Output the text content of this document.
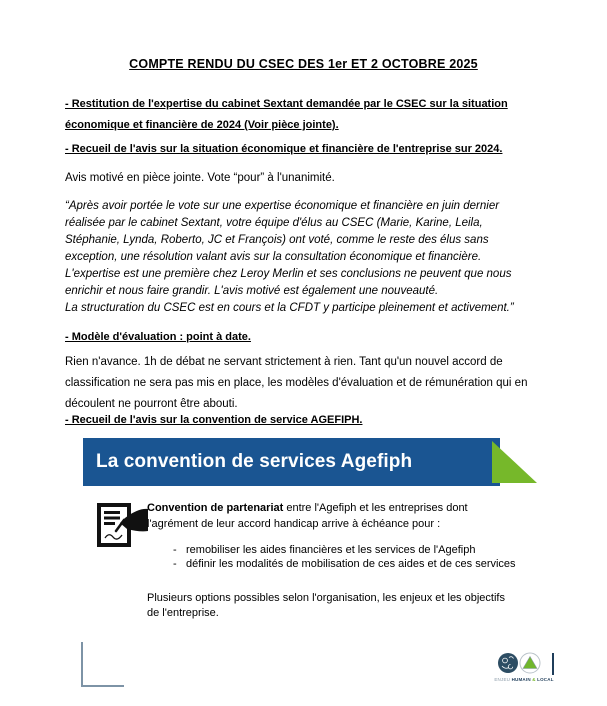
COMPTE RENDU DU CSEC DES 1er ET 2 OCTOBRE 2025
- Restitution de l'expertise du cabinet Sextant demandée par le CSEC sur la situation
économique et financière de 2024 (Voir pièce jointe).
- Recueil de l'avis sur la situation économique et financière de l'entreprise sur 2024.
Avis motivé en pièce jointe. Vote “pour” à l'unanimité.
“Après avoir portée le vote sur une expertise économique et financière en juin dernier
réalisée par le cabinet Sextant, votre équipe d'élus au CSEC (Marie, Karine, Leila,
Stéphanie, Lynda, Roberto, JC et François) ont voté, comme le reste des élus sans
exception, une résolution valant avis sur la consultation économique et financière.
L'expertise est une première chez Leroy Merlin et ses conclusions ne peuvent que nous
enrichir et nous faire grandir. L'avis motivé est également une nouveauté.
La structuration du CSEC est en cours et la CFDT y participe pleinement et activement.”
- Modèle d'évaluation : point à date.
Rien n'avance. 1h de débat ne servant strictement à rien. Tant qu'un nouvel accord de
classification ne sera pas mis en place, les modèles d'évaluation et de rémunération qui en
découlent ne pourront être abouti.
- Recueil de l'avis sur la convention de service AGEFIPH.
La convention de services Agefiph
Convention de partenariat entre l'Agefiph et les entreprises dont
l'agrément de leur accord handicap arrive à échéance pour :
- remobiliser les aides financières et les services de l'Agefiph
- définir les modalités de mobilisation de ces aides et de ces services
Plusieurs options possibles selon l'organisation, les enjeux et les objectifs
de l'entreprise.
ENJEU HUMAIN & LOCAL
